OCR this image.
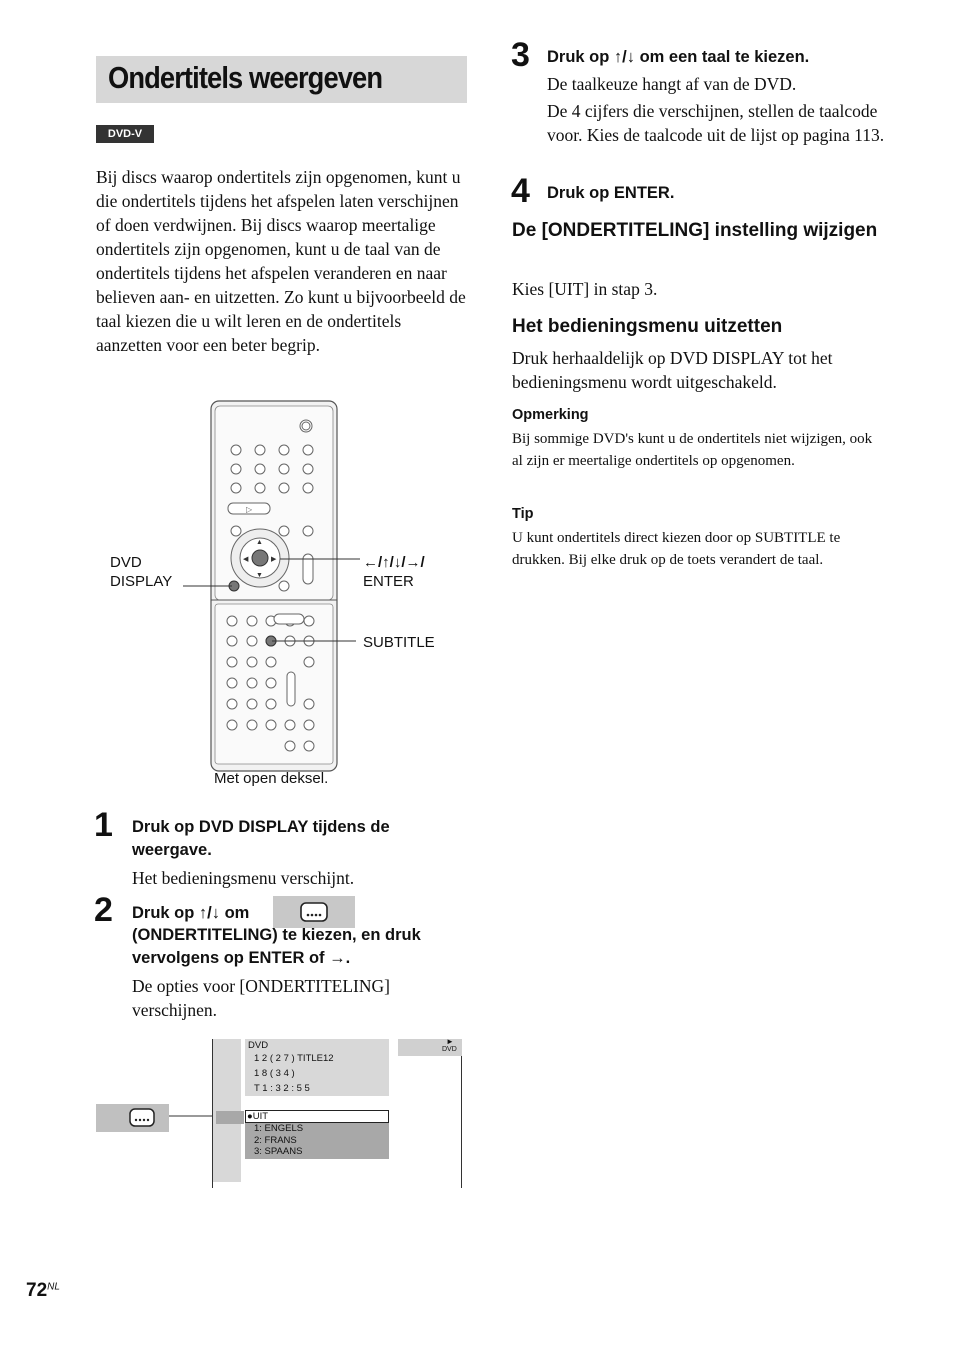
Ondertitels weergeven
DVD-V
Bij discs waarop ondertitels zijn opgenomen, kunt u die ondertitels tijdens het afspelen laten verschijnen of doen verdwijnen. Bij discs waarop meertalige ondertitels zijn opgenomen, kunt u de taal van de ondertitels tijdens het afspelen veranderen en naar believen aan- en uitzetten. Zo kunt u bijvoorbeeld de taal kiezen die u wilt leren en de ondertitels aanzetten voor een beter begrip.
▷
▲
▼
◀	▶
DVD
DISPLAY
←/↑/↓/→/
ENTER
SUBTITLE
Met open deksel.
1 Druk op DVD DISPLAY tijdens de weergave.
Het bedieningsmenu verschijnt.
2 Druk op ↑/↓ om
(ONDERTITELING) te kiezen, en druk vervolgens op ENTER of →.
De opties voor [ONDERTITELING] verschijnen.
DVD
1 2 ( 2 7 ) TITLE12
1 8 ( 3 4 )
T 1 : 3 2 : 5 5
►
DVD
●UIT
1: ENGELS
2: FRANS
3: SPAANS
3 Druk op ↑/↓ om een taal te kiezen.
De taalkeuze hangt af van de DVD.
De 4 cijfers die verschijnen, stellen de taalcode voor. Kies de taalcode uit de lijst op pagina 113.
4 Druk op ENTER.
De [ONDERTITELING] instelling wijzigen
Kies [UIT] in stap 3.
Het bedieningsmenu uitzetten
Druk herhaaldelijk op DVD DISPLAY tot het bedieningsmenu wordt uitgeschakeld.
Opmerking
Bij sommige DVD's kunt u de ondertitels niet wijzigen, ook al zijn er meertalige ondertitels op opgenomen.
Tip
U kunt ondertitels direct kiezen door op SUBTITLE te drukken. Bij elke druk op de toets verandert de taal.
$72^{NL}$
